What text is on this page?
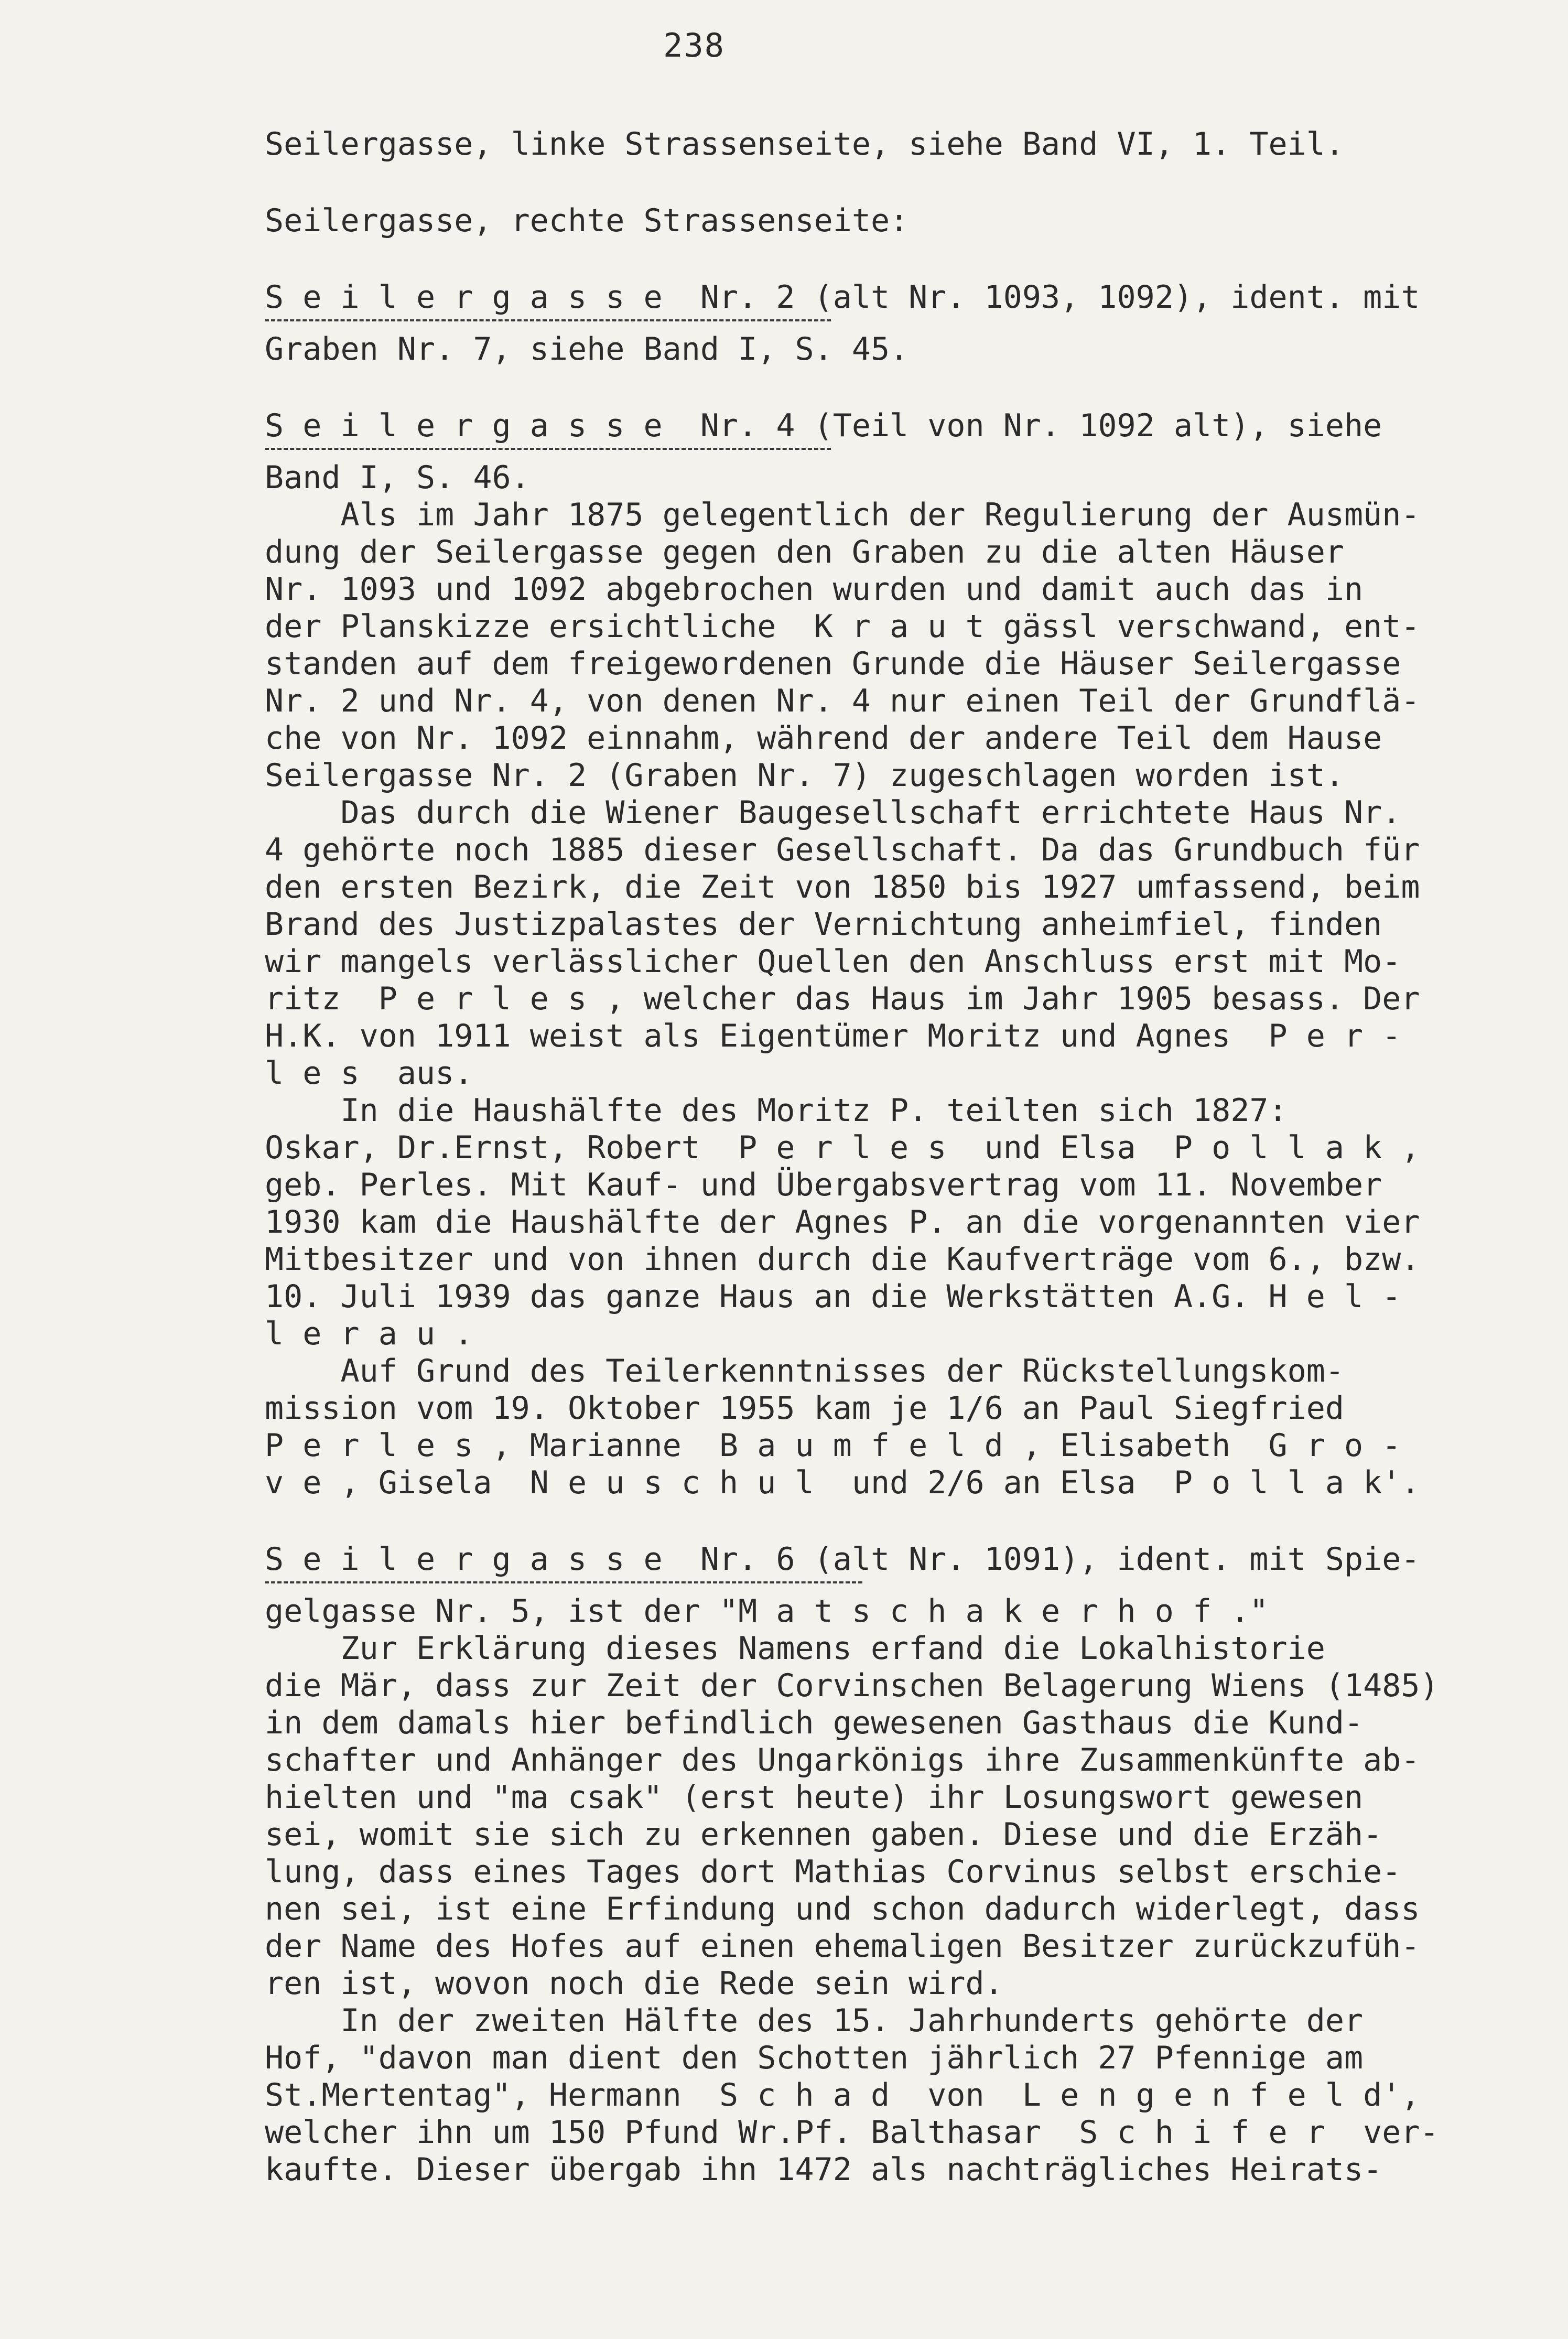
238
Seilergasse, linke Strassenseite, siehe Band VI, 1. Teil.
Seilergasse, rechte Strassenseite:
S e i l e r g a s s e  Nr. 2 (alt Nr. 1093, 1092), ident. mit
Graben Nr. 7, siehe Band I, S. 45.
S e i l e r g a s s e  Nr. 4 (Teil von Nr. 1092 alt), siehe
Band I, S. 46.
Als im Jahr 1875 gelegentlich der Regulierung der Ausmün-
dung der Seilergasse gegen den Graben zu die alten Häuser
Nr. 1093 und 1092 abgebrochen wurden und damit auch das in
der Planskizze ersichtliche  K r a u t gässl verschwand, ent-
standen auf dem freigewordenen Grunde die Häuser Seilergasse
Nr. 2 und Nr. 4, von denen Nr. 4 nur einen Teil der Grundflä-
che von Nr. 1092 einnahm, während der andere Teil dem Hause
Seilergasse Nr. 2 (Graben Nr. 7) zugeschlagen worden ist.
Das durch die Wiener Baugesellschaft errichtete Haus Nr.
4 gehörte noch 1885 dieser Gesellschaft. Da das Grundbuch für
den ersten Bezirk, die Zeit von 1850 bis 1927 umfassend, beim
Brand des Justizpalastes der Vernichtung anheimfiel, finden
wir mangels verlässlicher Quellen den Anschluss erst mit Mo-
ritz  P e r l e s , welcher das Haus im Jahr 1905 besass. Der
H.K. von 1911 weist als Eigentümer Moritz und Agnes  P e r -
l e s  aus.
In die Haushälfte des Moritz P. teilten sich 1827:
Oskar, Dr.Ernst, Robert  P e r l e s  und Elsa  P o l l a k ,
geb. Perles. Mit Kauf- und Übergabsvertrag vom 11. November
1930 kam die Haushälfte der Agnes P. an die vorgenannten vier
Mitbesitzer und von ihnen durch die Kaufverträge vom 6., bzw.
10. Juli 1939 das ganze Haus an die Werkstätten A.G. H e l -
l e r a u .
Auf Grund des Teilerkenntnisses der Rückstellungskom-
mission vom 19. Oktober 1955 kam je 1/6 an Paul Siegfried
P e r l e s , Marianne  B a u m f e l d , Elisabeth  G r o -
v e , Gisela  N e u s c h u l  und 2/6 an Elsa  P o l l a k'.
S e i l e r g a s s e  Nr. 6 (alt Nr. 1091), ident. mit Spie-
gelgasse Nr. 5, ist der "M a t s c h a k e r h o f ."
Zur Erklärung dieses Namens erfand die Lokalhistorie
die Mär, dass zur Zeit der Corvinschen Belagerung Wiens (1485)
in dem damals hier befindlich gewesenen Gasthaus die Kund-
schafter und Anhänger des Ungarkönigs ihre Zusammenkünfte ab-
hielten und "ma csak" (erst heute) ihr Losungswort gewesen
sei, womit sie sich zu erkennen gaben. Diese und die Erzäh-
lung, dass eines Tages dort Mathias Corvinus selbst erschie-
nen sei, ist eine Erfindung und schon dadurch widerlegt, dass
der Name des Hofes auf einen ehemaligen Besitzer zurückzufüh-
ren ist, wovon noch die Rede sein wird.
In der zweiten Hälfte des 15. Jahrhunderts gehörte der
Hof, "davon man dient den Schotten jährlich 27 Pfennige am
St.Mertentag", Hermann  S c h a d  von  L e n g e n f e l d',
welcher ihn um 150 Pfund Wr.Pf. Balthasar  S c h i f e r  ver-
kaufte. Dieser übergab ihn 1472 als nachträgliches Heirats-
